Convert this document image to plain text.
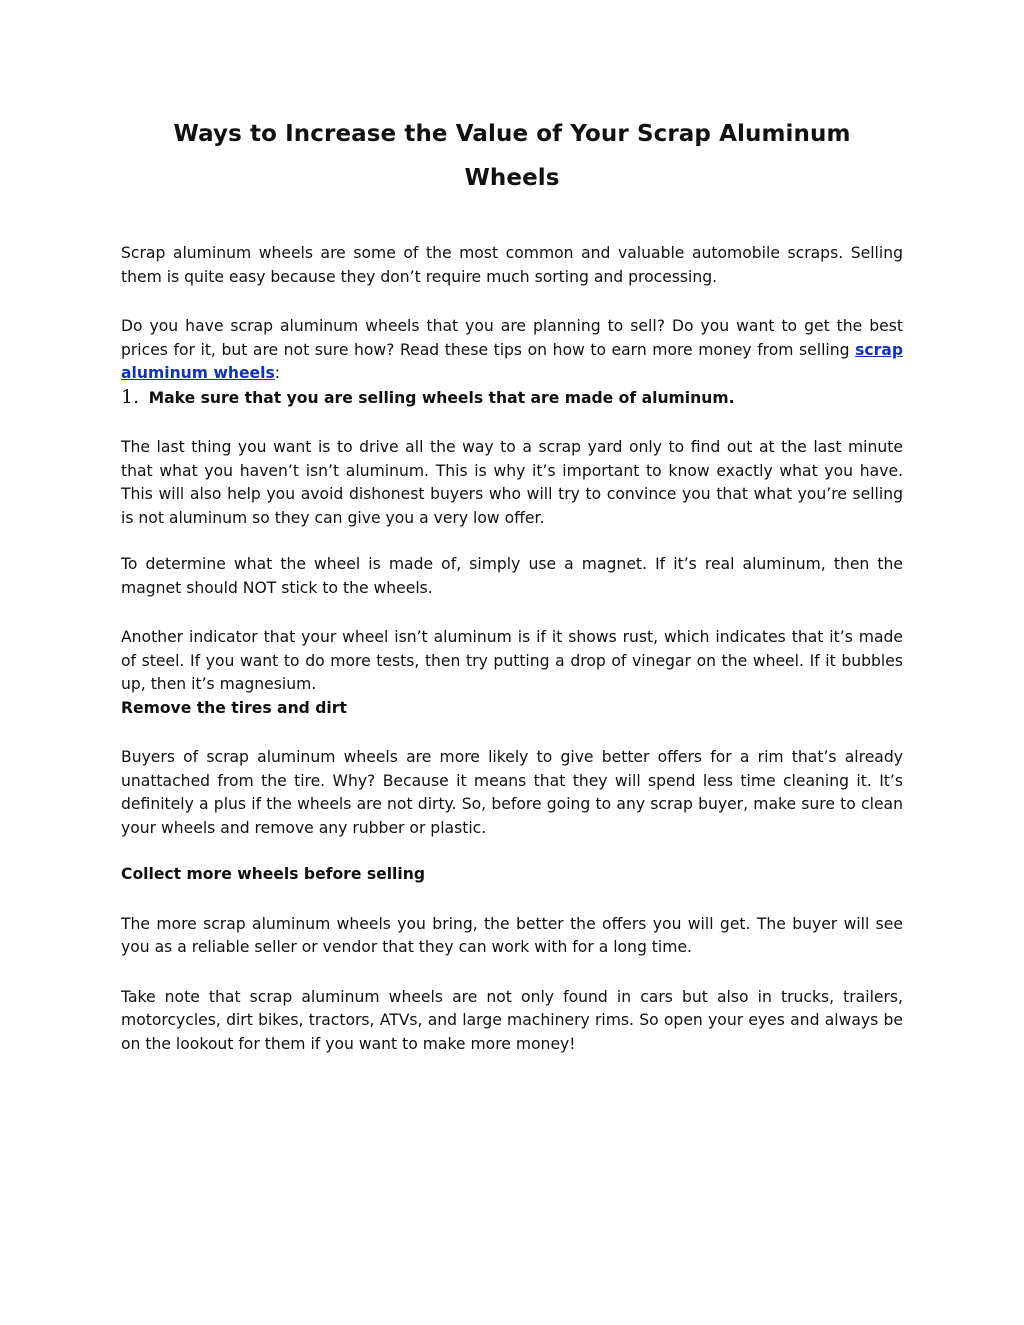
Ways to Increase the Value of Your Scrap Aluminum
Wheels

Scrap aluminum wheels are some of the most common and valuable automobile scraps. Selling them is quite easy because they don’t require much sorting and processing.

Do you have scrap aluminum wheels that you are planning to sell? Do you want to get the best prices for it, but are not sure how? Read these tips on how to earn more money from selling scrap aluminum wheels:

1. Make sure that you are selling wheels that are made of aluminum.

The last thing you want is to drive all the way to a scrap yard only to find out at the last minute that what you haven’t isn’t aluminum. This is why it’s important to know exactly what you have. This will also help you avoid dishonest buyers who will try to convince you that what you’re selling is not aluminum so they can give you a very low offer.

To determine what the wheel is made of, simply use a magnet. If it’s real aluminum, then the magnet should NOT stick to the wheels.

Another indicator that your wheel isn’t aluminum is if it shows rust, which indicates that it’s made of steel. If you want to do more tests, then try putting a drop of vinegar on the wheel. If it bubbles up, then it’s magnesium.

Remove the tires and dirt

Buyers of scrap aluminum wheels are more likely to give better offers for a rim that’s already unattached from the tire. Why? Because it means that they will spend less time cleaning it. It’s definitely a plus if the wheels are not dirty. So, before going to any scrap buyer, make sure to clean your wheels and remove any rubber or plastic.

Collect more wheels before selling

The more scrap aluminum wheels you bring, the better the offers you will get. The buyer will see you as a reliable seller or vendor that they can work with for a long time.

Take note that scrap aluminum wheels are not only found in cars but also in trucks, trailers, motorcycles, dirt bikes, tractors, ATVs, and large machinery rims. So open your eyes and always be on the lookout for them if you want to make more money!
